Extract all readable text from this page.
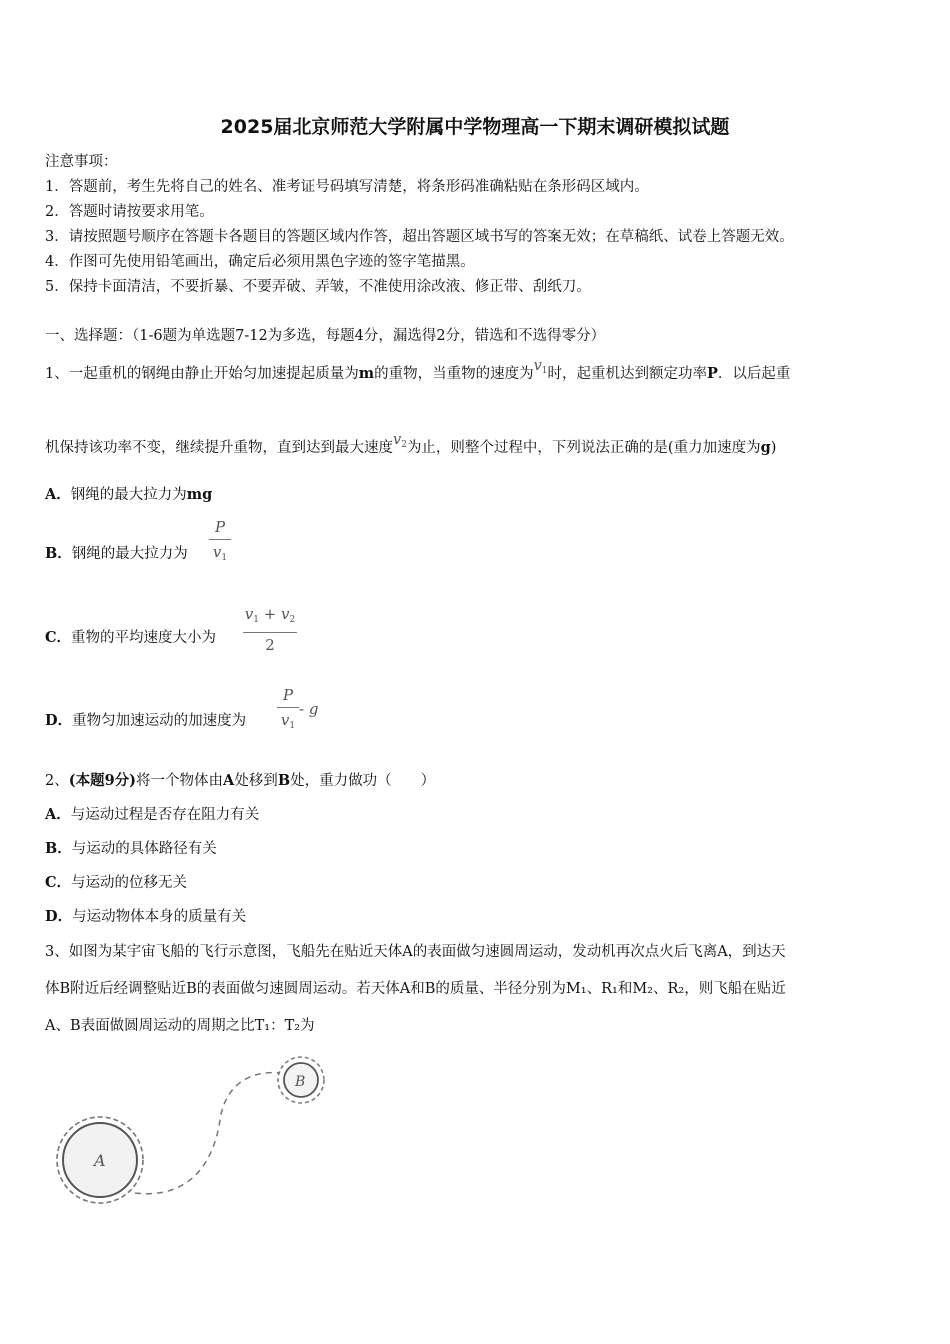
2025届北京师范大学附属中学物理高一下期末调研模拟试题
注意事项：
1．答题前，考生先将自己的姓名、准考证号码填写清楚，将条形码准确粘贴在条形码区域内。
2．答题时请按要求用笔。
3．请按照题号顺序在答题卡各题目的答题区域内作答，超出答题区域书写的答案无效；在草稿纸、试卷上答题无效。
4．作图可先使用铅笔画出，确定后必须用黑色字迹的签字笔描黑。
5．保持卡面清洁，不要折暴、不要弄破、弄皱，不准使用涂改液、修正带、刮纸刀。
一、选择题：（1-6题为单选题7-12为多选，每题4分，漏选得2分，错选和不选得零分）
1、一起重机的钢绳由静止开始匀加速提起质量为m的重物，当重物的速度为$v_1$时，起重机达到额定功率P．以后起重
机保持该功率不变，继续提升重物，直到达到最大速度$v_2$为止，则整个过程中，下列说法正确的是(重力加速度为g)
A．钢绳的最大拉力为mg
B．钢绳的最大拉力为
P
$v_1$
C．重物的平均速度大小为
$v_1 + v_2$
2
D．重物匀加速运动的加速度为
P
$v_1$
- g
2、(本题9分)将一个物体由A处移到B处，重力做功（　　）
A．与运动过程是否存在阻力有关
B．与运动的具体路径有关
C．与运动的位移无关
D．与运动物体本身的质量有关
3、如图为某宇宙飞船的飞行示意图，飞船先在贴近天体A的表面做匀速圆周运动，发动机再次点火后飞离A，到达天
体B附近后经调整贴近B的表面做匀速圆周运动。若天体A和B的质量、半径分别为M₁、R₁和M₂、R₂，则飞船在贴近
A、B表面做圆周运动的周期之比T₁：T₂为
A
B
